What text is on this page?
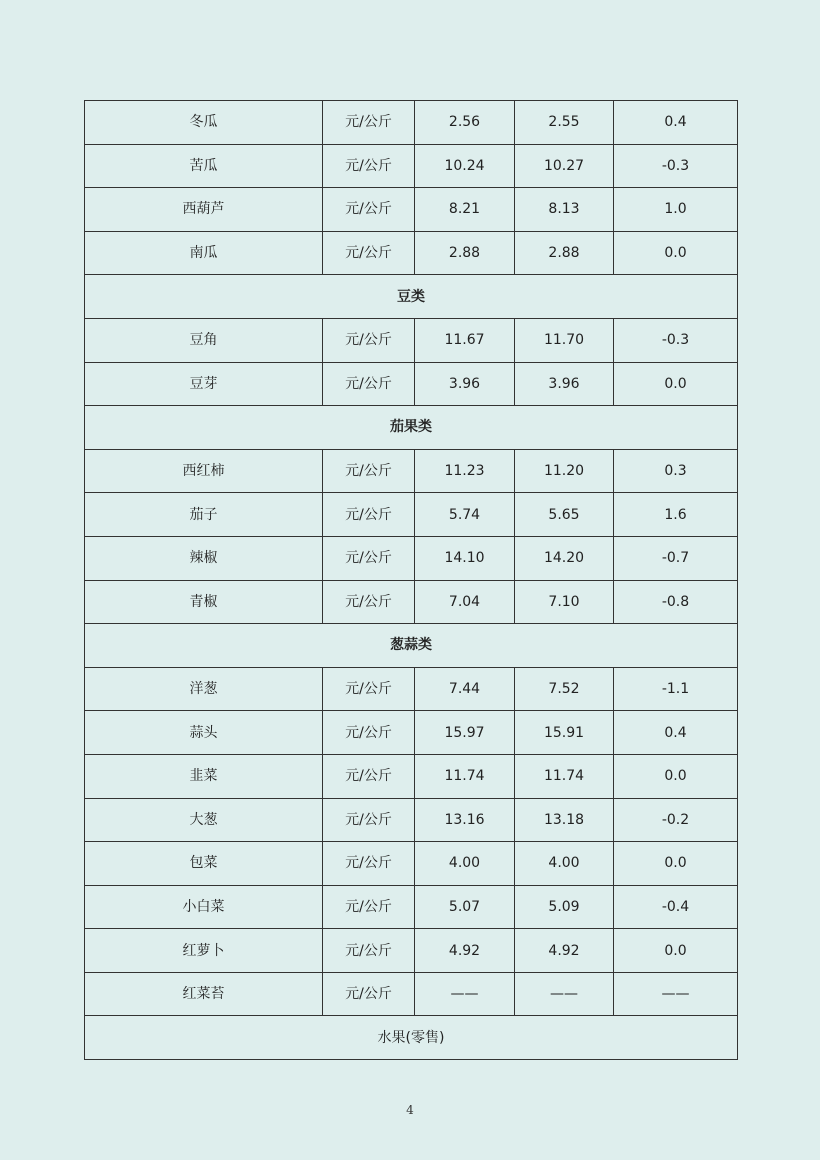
冬瓜	元/公斤	2.56	2.55	0.4
苦瓜	元/公斤	10.24	10.27	-0.3
西葫芦	元/公斤	8.21	8.13	1.0
南瓜	元/公斤	2.88	2.88	0.0
豆类				
豆角	元/公斤	11.67	11.70	-0.3
豆芽	元/公斤	3.96	3.96	0.0
茄果类				
西红柿	元/公斤	11.23	11.20	0.3
茄子	元/公斤	5.74	5.65	1.6
辣椒	元/公斤	14.10	14.20	-0.7
青椒	元/公斤	7.04	7.10	-0.8
葱蒜类				
洋葱	元/公斤	7.44	7.52	-1.1
蒜头	元/公斤	15.97	15.91	0.4
韭菜	元/公斤	11.74	11.74	0.0
大葱	元/公斤	13.16	13.18	-0.2
包菜	元/公斤	4.00	4.00	0.0
小白菜	元/公斤	5.07	5.09	-0.4
红萝卜	元/公斤	4.92	4.92	0.0
红菜苔	元/公斤	——	——	——
水果(零售)				
4
